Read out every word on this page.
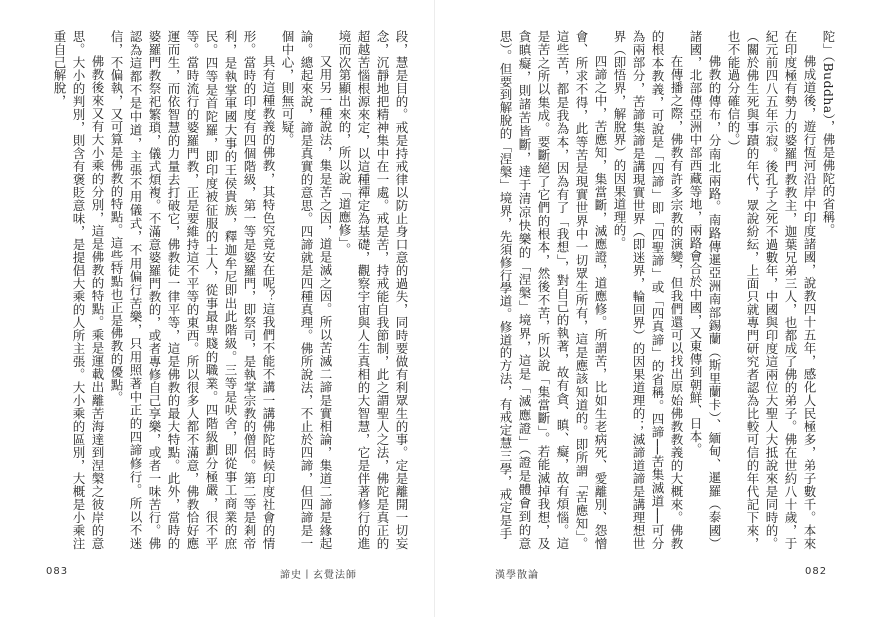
段，慧是目的。戒是持戒律以防止身口意的過失，同時要做有利眾生的事。定是離開一切妄念，沉靜地把精神集中在一處。戒是苦，持戒能自我節制，此之謂聖人之法，佛陀是真正的超越苦惱根源來定，以這種禪定為基礎，觀察宇宙與人生真相的大智慧，它是伴著修行的進境而次第顯出來的，所以說「道應修」。

又用另一種說法，集是苦之因，道是滅之因。所以苦滅二諦是實相論，集道二諦是緣起論。總起來說，諦是真實的意思。四諦就是四種真理。佛所說法，不止於四諦，但四諦是一個中心，則無可疑。

具有這種教義的佛教，其特色究竟安在呢？這我們不能不講一講佛陀時候印度社會的情形。當時的印度有四個階級，第一等是婆羅門，即祭司，是執掌宗教的僧侶。第二等是剎帝利，是執掌軍國大事的王侯貴族，釋迦牟尼即出此階級。三等是吠舍，即從事工商業的庶民。四等是首陀羅，即印度被征服的土人，從事最卑賤的職業。四階級劃分極嚴，很不平等。當時流行的婆羅門教，正是要維持這不平等的東西。所以很多人都不滿意，佛教恰好應運而生，而依智慧的力量去打破它，佛教徒一律平等，這是佛教的最大特點。此外，當時的婆羅門教祭祀繁瑣，儀式煩複。不滿意婆羅門教的，或者專修自己享樂，或者一味苦行。佛認為這都不是中道，主張不用儀式，不用偏行苦樂，只用照著中正的四諦修行。所以不迷信，不偏執，又可算是佛教的特點。這些特點也正是佛教的優點。

佛教後來又有大小乘的分別，這是佛教的特點。乘是運載出離苦海達到涅槃之彼岸的意思。大小的判別，則含有褒貶意味，是提倡大乘的人所主張。大小乘的區別，大概是小乘注重自己解脫，

083	諦史丨玄覺法師

陀」（Buddha），佛是佛陀的省稱。

佛成道後，遊行恆河沿岸中印度諸國，說教四十五年，感化人民極多，弟子數千。本來在印度極有勢力的婆羅門教教主，迦葉兄弟三人，也都成了佛的弟子。佛在世約八十歲，于紀元前四八五年示寂。後孔子之死不過數年，中國與印度這兩位大聖人大抵說來是同時的。（關於佛生死與事蹟的年代，眾說紛紜，上面只就專門研究者認為比較可信的年代記下來，也不能過分確信的。）

佛教的傳布，分南北兩路。南路傳暹亞洲南部錫蘭（斯里蘭卡）、緬甸、暹羅（泰國）諸國，北部傳亞洲中部西藏等地，兩路會合於中國，又東傳到朝鮮、日本。

在傳播之際，佛教有許多宗教的演變，但我們還可以找出原始佛教教義的大概來。佛教的根本教義，可說是「四諦」即「四聖諦」或「四真諦」的省稱。四諦──苦集滅道──可分為兩部分，苦諦集諦是講現實世界（即迷界，輪回界）的因果道理的；滅諦道諦是講理想世界（即悟界，解脫界）的因果道理的。

四諦之中，苦應知，集當斷，滅應證，道應修。所謂苦，比如生老病死、愛離別、怨憎會、所求不得，此等苦是現實世界中一切眾生所有，這是應該知道的。即所謂「苦應知」。這些苦，都是我為本，因為有了「我想」，對自己的執著，故有貪、瞋、癡，故有煩惱。這是苦之所以集成。要斷絕了它們的根本，然後不苦，所以說「集當斷」。若能滅掉我想，及貪瞋癡，則諸苦皆斷，達于清凉快樂的「涅槃」境界，這是「滅應證」（證是體會到的意思）。但要到解脫的「涅槃」境界，先須修行學道。修道的方法，有戒定慧三學，戒定是手

漢學散論	082
